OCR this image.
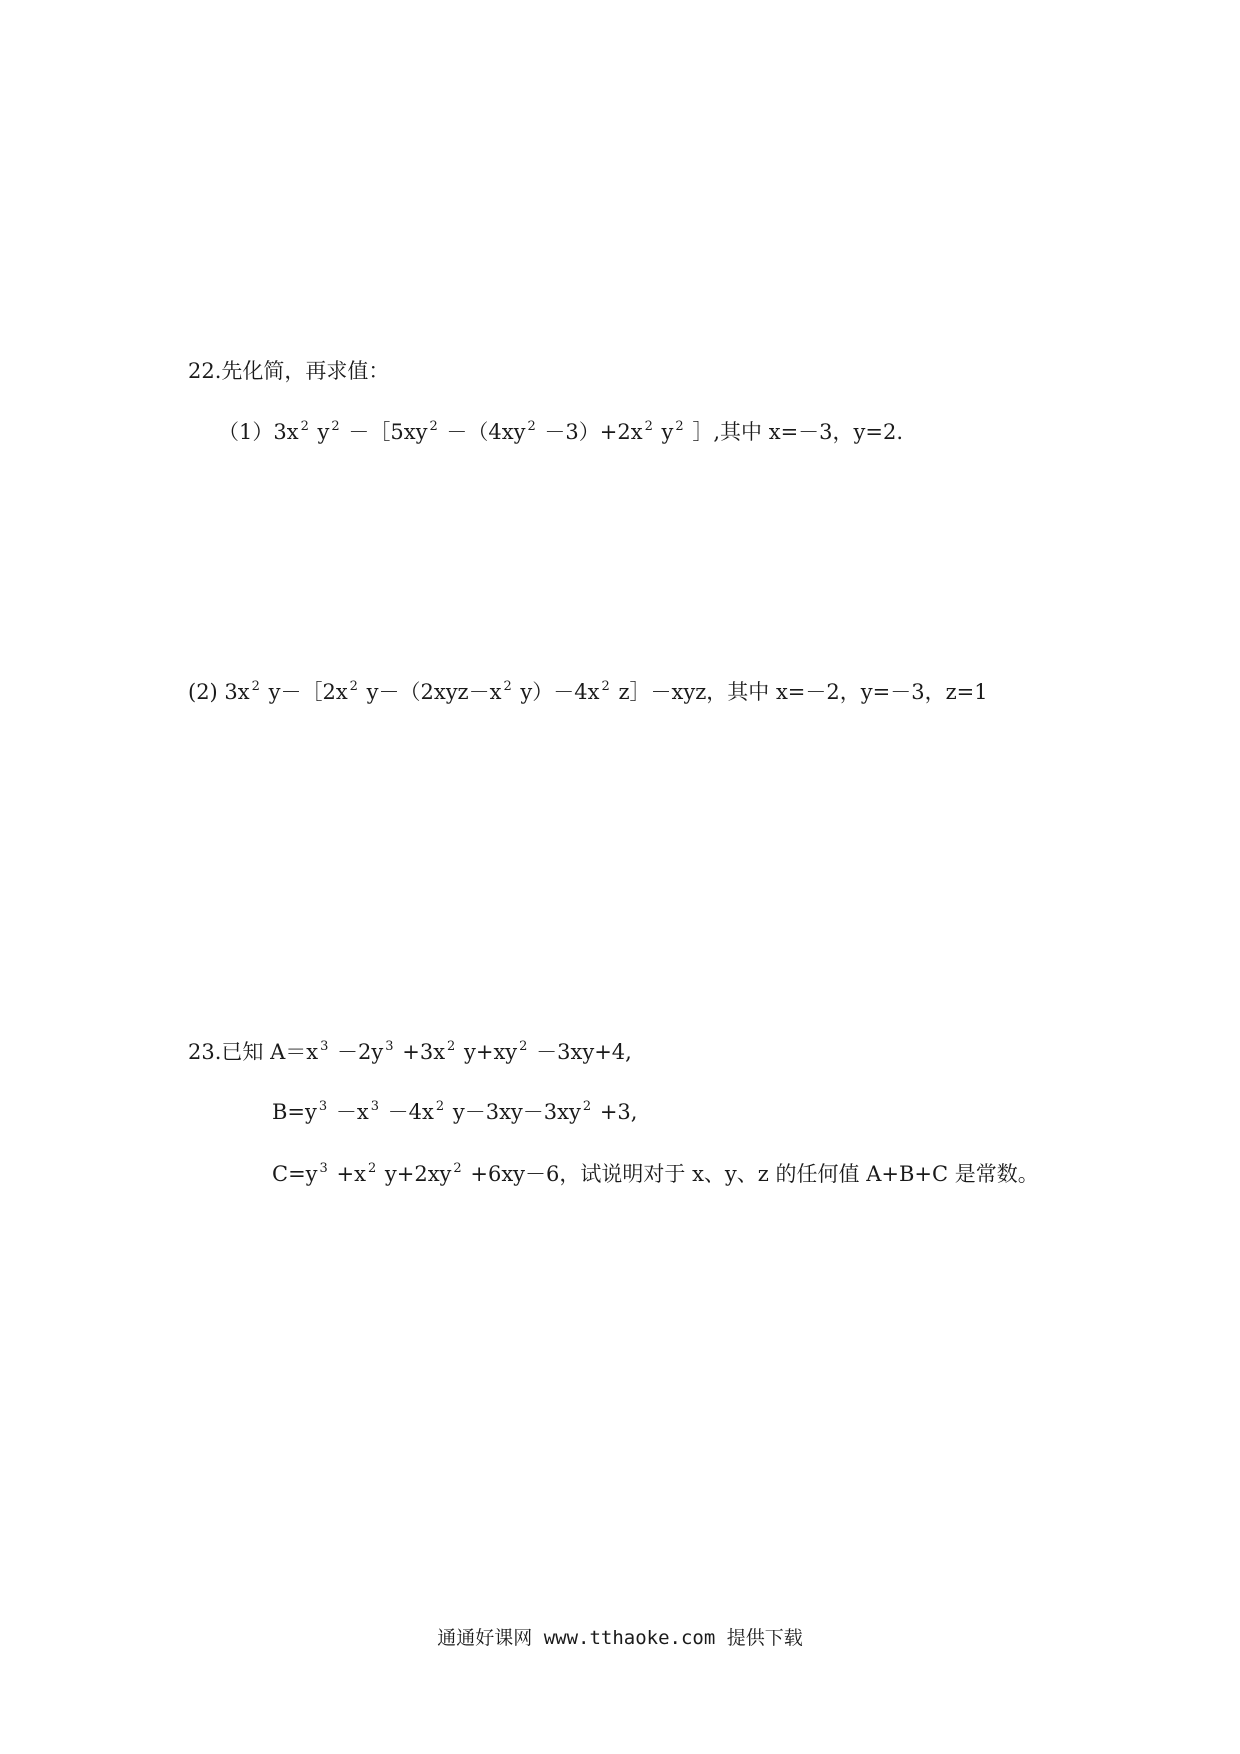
22.先化简，再求值：
（1）3x $^2$ y $^2$ －［5xy $^2$ －（4xy $^2$ －3）+2x $^2$ y $^2$ ］,其中 x=－3，y=2.
(2) 3x $^2$ y－［2x $^2$ y－（2xyz－x $^2$ y）－4x $^2$ z］－xyz，其中 x=－2，y=－3，z=1
23.已知 A＝x $^3$ －2y $^3$ +3x $^2$ y+xy $^2$ －3xy+4,
B=y $^3$ －x $^3$ －4x $^2$ y－3xy－3xy $^2$ +3,
C=y $^3$ +x $^2$ y+2xy $^2$ +6xy－6，试说明对于 x、y、z 的任何值 A+B+C 是常数。
通通好课网 www.tthaoke.com 提供下载
